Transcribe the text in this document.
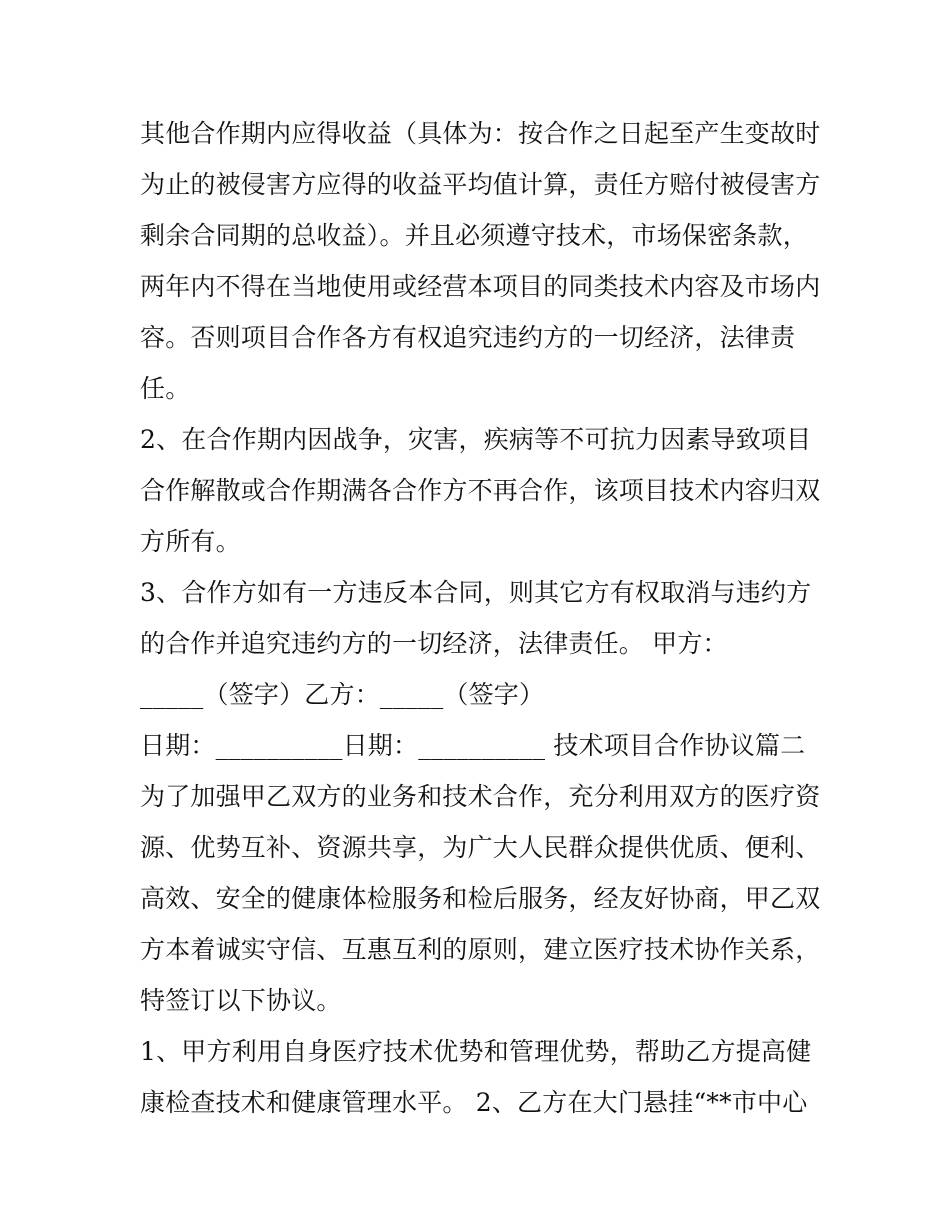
其他合作期内应得收益（具体为：按合作之日起至产生变故时
为止的被侵害方应得的收益平均值计算，责任方赔付被侵害方
剩余合同期的总收益）。并且必须遵守技术，市场保密条款，
两年内不得在当地使用或经营本项目的同类技术内容及市场内
容。否则项目合作各方有权追究违约方的一切经济，法律责
任。
2、在合作期内因战争，灾害，疾病等不可抗力因素导致项目
合作解散或合作期满各合作方不再合作，该项目技术内容归双
方所有。
3、合作方如有一方违反本合同，则其它方有权取消与违约方
的合作并追究违约方的一切经济，法律责任。 甲方：
_____（签字）乙方：_____（签字）
日期：__________日期：__________ 技术项目合作协议篇二
为了加强甲乙双方的业务和技术合作，充分利用双方的医疗资
源、优势互补、资源共享，为广大人民群众提供优质、便利、
高效、安全的健康体检服务和检后服务，经友好协商，甲乙双
方本着诚实守信、互惠互利的原则，建立医疗技术协作关系，
特签订以下协议。
1、甲方利用自身医疗技术优势和管理优势，帮助乙方提高健
康检查技术和健康管理水平。 2、乙方在大门悬挂“**市中心
